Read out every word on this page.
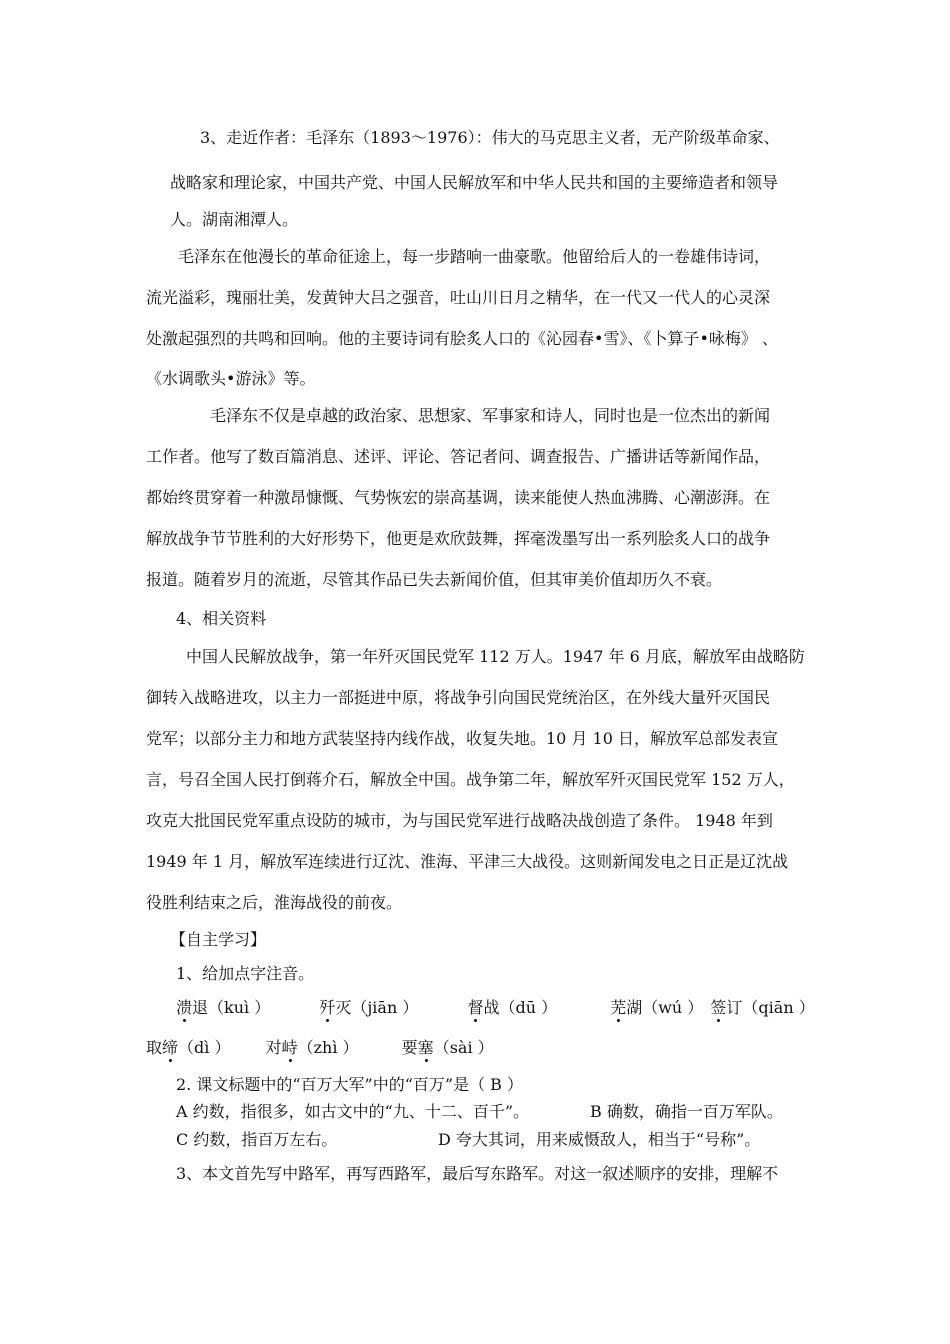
3、走近作者：毛泽东（1893～1976）：伟大的马克思主义者，无产阶级革命家、
战略家和理论家，中国共产党、中国人民解放军和中华人民共和国的主要缔造者和领导
人。湖南湘潭人。
毛泽东在他漫长的革命征途上，每一步踏响一曲豪歌。他留给后人的一卷雄伟诗词，
流光溢彩，瑰丽壮美，发黄钟大吕之强音，吐山川日月之精华，在一代又一代人的心灵深
处激起强烈的共鸣和回响。他的主要诗词有脍炙人口的《沁园春•雪》、《卜算子•咏梅》 、
《水调歌头•游泳》等。
毛泽东不仅是卓越的政治家、思想家、军事家和诗人，同时也是一位杰出的新闻
工作者。他写了数百篇消息、述评、评论、答记者问、调查报告、广播讲话等新闻作品，
都始终贯穿着一种激昂慷慨、气势恢宏的崇高基调，读来能使人热血沸腾、心潮澎湃。在
解放战争节节胜利的大好形势下，他更是欢欣鼓舞，挥毫泼墨写出一系列脍炙人口的战争
报道。随着岁月的流逝，尽管其作品已失去新闻价值，但其审美价值却历久不衰。
4、相关资料
中国人民解放战争，第一年歼灭国民党军 112 万人。1947 年 6 月底，解放军由战略防
御转入战略进攻，以主力一部挺进中原，将战争引向国民党统治区，在外线大量歼灭国民
党军；以部分主力和地方武装坚持内线作战，收复失地。10 月 10 日，解放军总部发表宣
言，号召全国人民打倒蒋介石，解放全中国。战争第二年，解放军歼灭国民党军 152 万人，
攻克大批国民党军重点设防的城市，为与国民党军进行战略决战创造了条件。 1948 年到
1949 年 1 月，解放军连续进行辽沈、淮海、平津三大战役。这则新闻发电之日正是辽沈战
役胜利结束之后，淮海战役的前夜。
【自主学习】
1、给加点字注音。
溃退（kuì ）	歼灭（jiān ）	督战（dū ）	芜湖（wú ） 签订（qiān ）
取缔（dì ） 对峙（zhì ）	要塞（sài ）
2. 课文标题中的“百万大军”中的“百万”是（ B ）
A 约数，指很多，如古文中的“九、十二、百千”。	B 确数，确指一百万军队。
C 约数，指百万左右。	D 夸大其词，用来威慑敌人，相当于“号称”。
3、本文首先写中路军，再写西路军，最后写东路军。对这一叙述顺序的安排，理解不
